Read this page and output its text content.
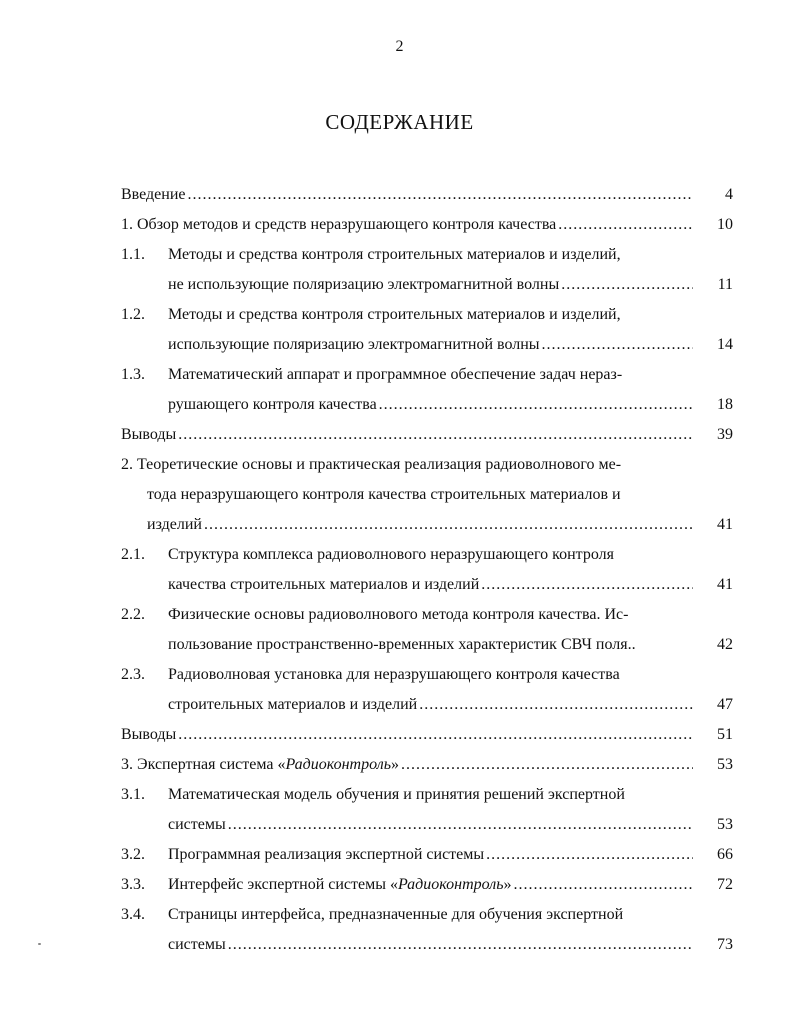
2
СОДЕРЖАНИЕ
Введение .....	4
1. Обзор методов и средств неразрушающего контроля качества .....	10
1.1. Методы и средства контроля строительных материалов и изделий,
не использующие поляризацию электромагнитной волны .....	11
1.2. Методы и средства контроля строительных материалов и изделий,
использующие поляризацию электромагнитной волны .....	14
1.3. Математический аппарат и программное обеспечение задач нераз-
рушающего контроля качества .....	18
Выводы .....	39
2. Теоретические основы и практическая реализация радиоволнового ме-
тода неразрушающего контроля качества строительных материалов и
изделий .....	41
2.1. Структура комплекса радиоволнового неразрушающего контроля
качества строительных материалов и изделий .....	41
2.2. Физические основы радиоволнового метода контроля качества. Ис-
пользование пространственно-временных характеристик СВЧ поля..	42
2.3. Радиоволновая установка для неразрушающего контроля качества
строительных материалов и изделий .....	47
Выводы .....	51
3. Экспертная система «Радиоконтроль» .....	53
3.1. Математическая модель обучения и принятия решений экспертной
системы .....	53
3.2. Программная реализация экспертной системы .....	66
3.3. Интерфейс экспертной системы «Радиоконтроль» .....	72
3.4. Страницы интерфейса, предназначенные для обучения экспертной
системы .....	73
